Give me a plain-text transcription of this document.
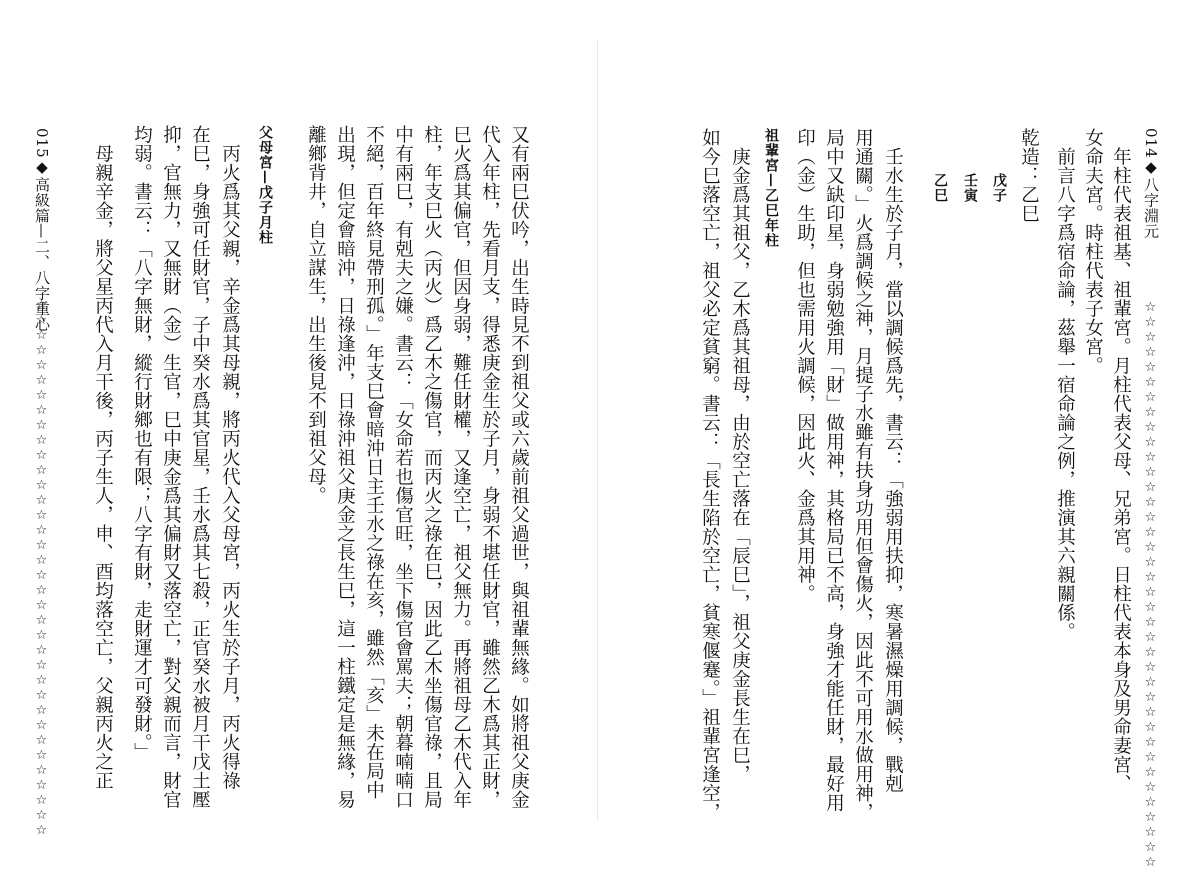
014◆八字淵元
☆☆☆☆☆☆☆☆☆☆☆☆☆☆☆☆☆☆☆☆☆☆☆☆☆☆☆☆☆☆☆☆☆☆☆☆☆☆
　年柱代表祖基、祖輩宮。月柱代表父母、兄弟宮。日柱代表本身及男命妻宮、
女命夫宮。時柱代表子女宮。
　前言八字爲宿命論，茲舉一宿命論之例，推演其六親關係。
乾造：乙巳
　　　戊子
　　　壬寅
　　　乙巳
　壬水生於子月，當以調候爲先，書云：「強弱用扶抑，寒暑濕燥用調候，戰剋
用通關。」火爲調候之神，月提子水雖有扶身功用但會傷火，因此不可用水做用神，
局中又缺印星，身弱勉強用「財」做用神，其格局已不高，身強才能任財，最好用
印（金）生助，但也需用火調候，因此火、金爲其用神。
祖輩宮—乙巳年柱
　庚金爲其祖父，乙木爲其祖母，由於空亡落在「辰巳」，祖父庚金長生在巳，
如今巳落空亡，祖父必定貧窮。書云：「長生陷於空亡，貧寒偃蹇。」祖輩宮逢空，
015◆高級篇—二、八字重心
☆☆☆☆☆☆☆☆☆☆☆☆☆☆☆☆☆☆☆☆☆☆☆☆☆☆☆☆☆☆☆☆☆☆☆☆	又有兩巳伏吟，出生時見不到祖父或六歲前祖父過世，與祖輩無緣。如將祖父庚金
代入年柱，先看月支，得悉庚金生於子月，身弱不堪任財官，雖然乙木爲其正財，
巳火爲其偏官，但因身弱，難任財權，又逢空亡，祖父無力。再將祖母乙木代入年
柱，年支巳火（丙火）爲乙木之傷官，而丙火之祿在巳，因此乙木坐傷官祿，且局
中有兩巳，有剋夫之嫌。書云：「女命若也傷官旺，坐下傷官會罵夫；朝暮喃喃口
不絕，百年終見帶刑孤。」年支巳會暗沖日主壬水之祿在亥，雖然「亥」未在局中
出現，但定會暗沖，日祿逢沖，日祿沖祖父庚金之長生巳，這一柱鐵定是無緣，易
離鄉背井，自立謀生，出生後見不到祖父母。
父母宮—戊子月柱
　丙火爲其父親，辛金爲其母親，將丙火代入父母宮，丙火生於子月，丙火得祿
在巳，身強可任財官，子中癸水爲其官星，壬水爲其七殺，正官癸水被月干戊土壓
抑，官無力，又無財（金）生官，巳中庚金爲其偏財又落空亡，對父親而言，財官
均弱。書云：「八字無財，縱行財鄉也有限；八字有財，走財運才可發財。」
　母親辛金，將父星丙代入月干後，丙子生人，申、酉均落空亡，父親丙火之正
